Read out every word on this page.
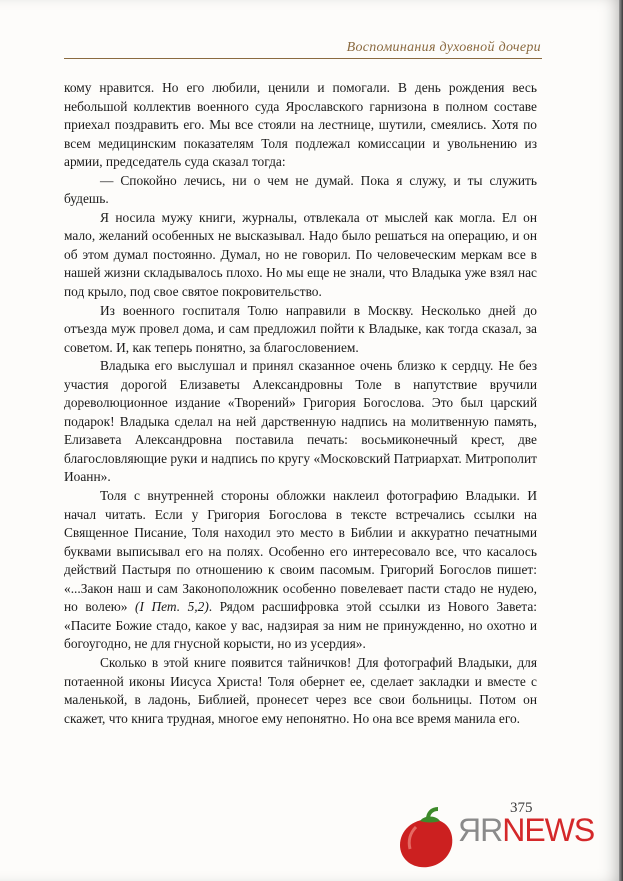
Воспоминания духовной дочери

кому нравится. Но его любили, ценили и помогали. В день рождения весь небольшой коллектив военного суда Ярославского гарнизона в полном составе приехал поздравить его. Мы все стояли на лестнице, шутили, смеялись. Хотя по всем медицинским показателям Толя подлежал комиссации и увольнению из армии, председатель суда сказал тогда:

— Спокойно лечись, ни о чем не думай. Пока я служу, и ты служить будешь.

Я носила мужу книги, журналы, отвлекала от мыслей как могла. Ел он мало, желаний особенных не высказывал. Надо было решаться на операцию, и он об этом думал постоянно. Думал, но не говорил. По человеческим меркам все в нашей жизни складывалось плохо. Но мы еще не знали, что Владыка уже взял нас под крыло, под свое святое покровительство.

Из военного госпиталя Толю направили в Москву. Несколько дней до отъезда муж провел дома, и сам предложил пойти к Владыке, как тогда сказал, за советом. И, как теперь понятно, за благословением.

Владыка его выслушал и принял сказанное очень близко к сердцу. Не без участия дорогой Елизаветы Александровны Толе в напутствие вручили дореволюционное издание «Творений» Григория Богослова. Это был царский подарок! Владыка сделал на ней дарственную надпись на молитвенную память, Елизавета Александровна поставила печать: восьмиконечный крест, две благословляющие руки и надпись по кругу «Московский Патриархат. Митрополит Иоанн».

Толя с внутренней стороны обложки наклеил фотографию Владыки. И начал читать. Если у Григория Богослова в тексте встречались ссылки на Священное Писание, Толя находил это место в Библии и аккуратно печатными буквами выписывал его на полях. Особенно его интересовало все, что касалось действий Пастыря по отношению к своим пасомым. Григорий Богослов пишет: «...Закон наш и сам Законоположник особенно повелевает пасти стадо не нудею, но волею» (I Пет. 5,2). Рядом расшифровка этой ссылки из Нового Завета: «Пасите Божие стадо, какое у вас, надзирая за ним не принужденно, но охотно и богоугодно, не для гнусной корысти, но из усердия».

Сколько в этой книге появится тайничков! Для фотографий Владыки, для потаенной иконы Иисуса Христа! Толя обернет ее, сделает закладки и вместе с маленькой, в ладонь, Библией, пронесет через все свои больницы. Потом он скажет, что книга трудная, многое ему непонятно. Но она все время манила его.

375
ЯRNEWS
